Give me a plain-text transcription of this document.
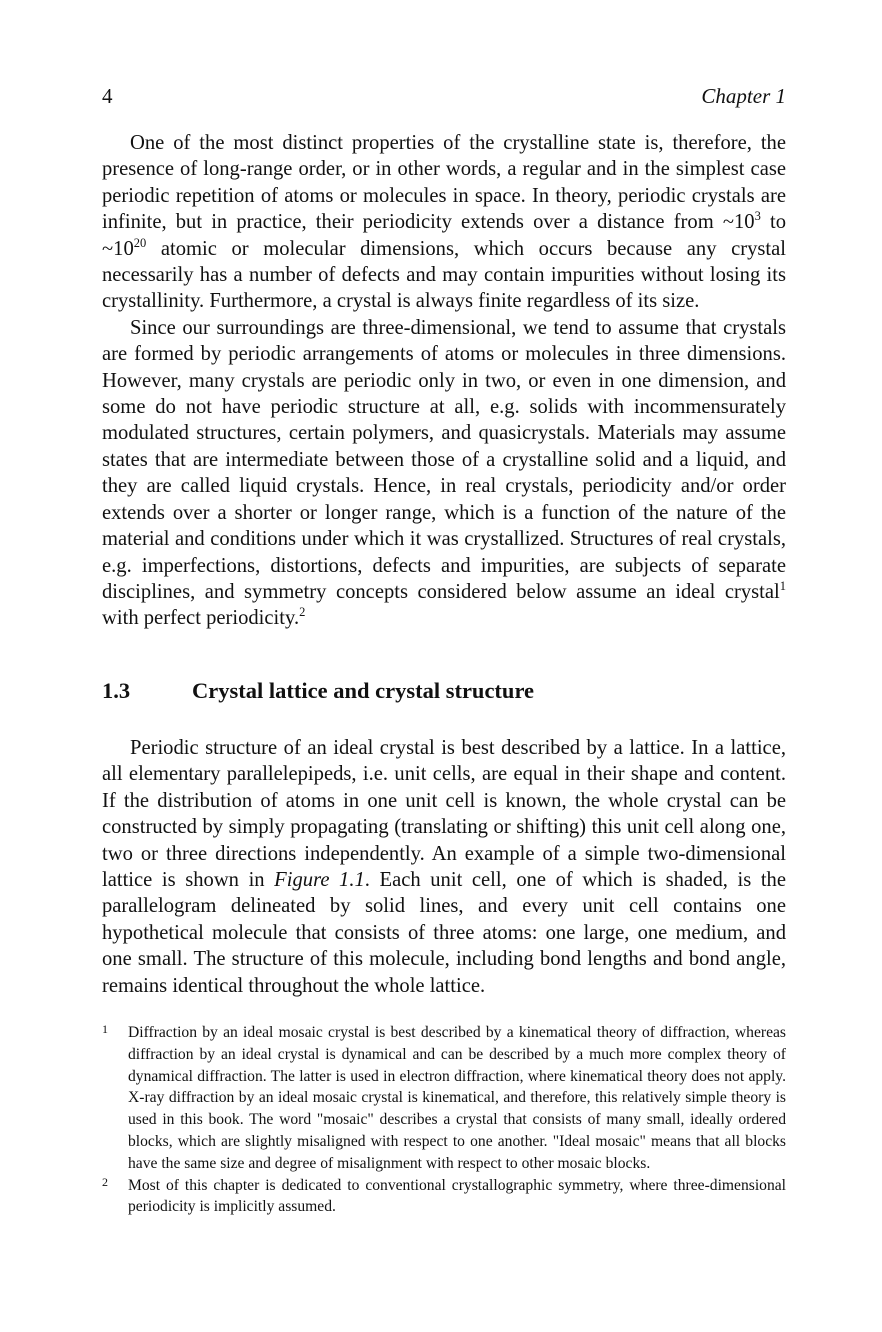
4	Chapter 1

One of the most distinct properties of the crystalline state is, therefore, the presence of long-range order, or in other words, a regular and in the simplest case periodic repetition of atoms or molecules in space. In theory, periodic crystals are infinite, but in practice, their periodicity extends over a distance from $\sim 10^3$ to $\sim 10^{20}$ atomic or molecular dimensions, which occurs because any crystal necessarily has a number of defects and may contain impurities without losing its crystallinity. Furthermore, a crystal is always finite regardless of its size.

Since our surroundings are three-dimensional, we tend to assume that crystals are formed by periodic arrangements of atoms or molecules in three dimensions. However, many crystals are periodic only in two, or even in one dimension, and some do not have periodic structure at all, e.g. solids with incommensurately modulated structures, certain polymers, and quasicrystals. Materials may assume states that are intermediate between those of a crystalline solid and a liquid, and they are called liquid crystals. Hence, in real crystals, periodicity and/or order extends over a shorter or longer range, which is a function of the nature of the material and conditions under which it was crystallized. Structures of real crystals, e.g. imperfections, distortions, defects and impurities, are subjects of separate disciplines, and symmetry concepts considered below assume an ideal crystal$^1$ with perfect periodicity.$^2$

1.3	Crystal lattice and crystal structure

Periodic structure of an ideal crystal is best described by a lattice. In a lattice, all elementary parallelepipeds, i.e. unit cells, are equal in their shape and content. If the distribution of atoms in one unit cell is known, the whole crystal can be constructed by simply propagating (translating or shifting) this unit cell along one, two or three directions independently. An example of a simple two-dimensional lattice is shown in Figure 1.1. Each unit cell, one of which is shaded, is the parallelogram delineated by solid lines, and every unit cell contains one hypothetical molecule that consists of three atoms: one large, one medium, and one small. The structure of this molecule, including bond lengths and bond angle, remains identical throughout the whole lattice.

1 Diffraction by an ideal mosaic crystal is best described by a kinematical theory of diffraction, whereas diffraction by an ideal crystal is dynamical and can be described by a much more complex theory of dynamical diffraction. The latter is used in electron diffraction, where kinematical theory does not apply. X-ray diffraction by an ideal mosaic crystal is kinematical, and therefore, this relatively simple theory is used in this book. The word "mosaic" describes a crystal that consists of many small, ideally ordered blocks, which are slightly misaligned with respect to one another. "Ideal mosaic" means that all blocks have the same size and degree of misalignment with respect to other mosaic blocks.
2 Most of this chapter is dedicated to conventional crystallographic symmetry, where three-dimensional periodicity is implicitly assumed.
